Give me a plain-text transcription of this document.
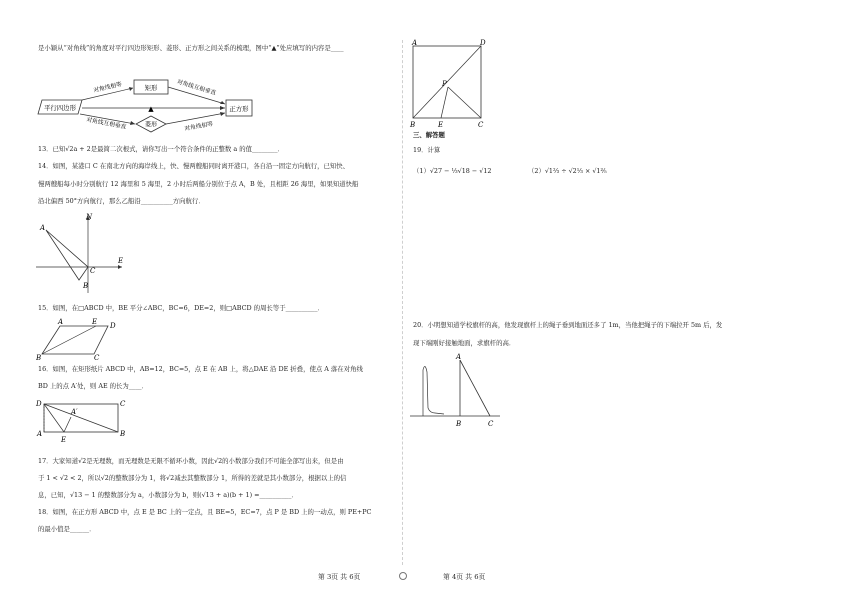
是小颖从“对角线”的角度对平行四边形矩形、菱形、正方形之间关系的梳理，图中“▲”处应填写的内容是____
平行四边形
矩形
菱形
正方形
对角线相等	对角线互相垂直
对角线互相垂直	对角线相等
▲
13．已知√2a + 2是最简二次根式，请你写出一个符合条件的正整数 a 的值________．
14．如图，某港口 C 在南北方向的海岸线上，快、慢两艘船同时离开港口，各自沿一固定方向航行，已知快、
慢两艘船每小时分别航行 12 海里和 5 海里，2 小时后两船分别位于点 A，B 处，且相距 26 海里，如果知道快船
沿北偏西 50°方向航行，那么乙船沿__________方向航行．
A
C
B
N
E
15．如图，在□ABCD 中，BE 平分∠ABC，BC=6，DE=2，则□ABCD 的周长等于__________．
A	E D
B	C
16．如图，在矩形纸片 ABCD 中，AB=12，BC=5，点 E 在 AB 上，将△DAE 沿 DE 折叠，使点 A 落在对角线
BD 上的点 A′处，则 AE 的长为____．
D	C
A′
A
E
B
17．大家知道√2是无理数，而无理数是无限不循环小数，因此√2的小数部分我们不可能全部写出来，但是由
于 1 < √2 < 2，所以√2的整数部分为 1，将√2减去其整数部分 1，所得的差就是其小数部分，根据以上的信
息，已知，√13 − 1 的整数部分为 a，小数部分为 b，则(√13 + a)(b + 1) =__________．
18．如图，在正方形 ABCD 中，点 E 是 BC 上的一定点，且 BE=5，EC=7，点 P 是 BD 上的一动点，则 PE+PC
的最小值是______．
A	D
P
B	E	C
三、解答题
19．计算
（1）√27 − ⅓√18 − √12	（2）√1⅔ ÷ √2⅓ × √1⅖
20．小明想知道学校旗杆的高，他发现旗杆上的绳子垂到地面还多了 1m，当他把绳子的下端拉开 5m 后，发
现下端刚好接触地面，求旗杆的高．
A
B	C
第 3页 共 6页	第 4页 共 6页
